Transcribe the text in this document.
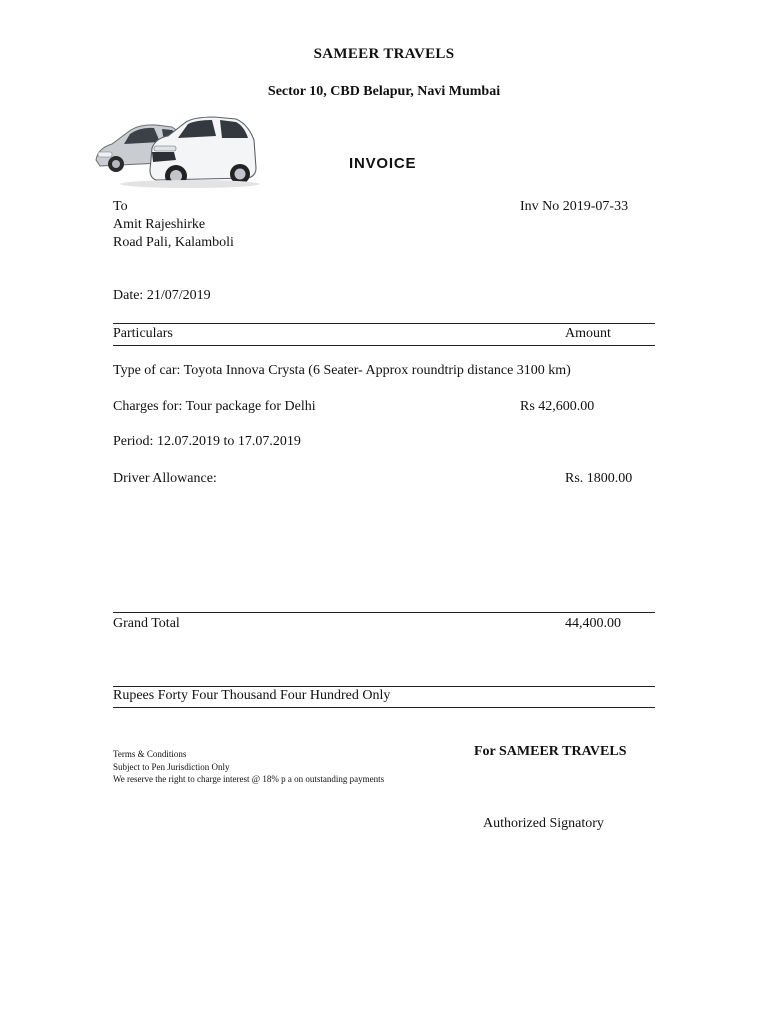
SAMEER TRAVELS
Sector 10, CBD Belapur, Navi Mumbai
INVOICE
To
Amit Rajeshirke
Road Pali, Kalamboli
Inv No 2019-07-33
Date: 21/07/2019
Particulars	Amount
Type of car: Toyota Innova Crysta (6 Seater- Approx roundtrip distance 3100 km)
Charges for: Tour package for Delhi	Rs 42,600.00
Period: 12.07.2019 to 17.07.2019
Driver Allowance:	Rs. 1800.00
Grand Total	44,400.00
Rupees Forty Four Thousand Four Hundred Only
Terms & Conditions
Subject to Pen Jurisdiction Only
We reserve the right to charge interest @ 18% p a on outstanding payments
For SAMEER TRAVELS
Authorized Signatory
